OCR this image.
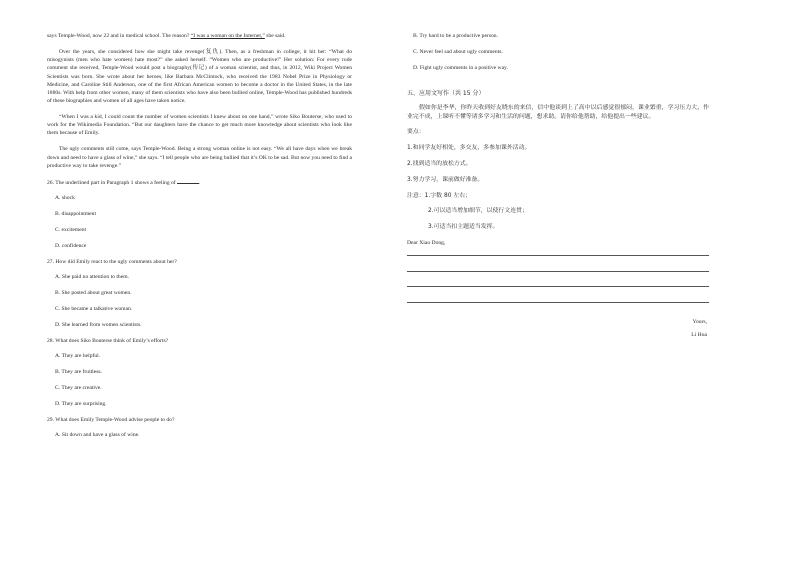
says Temple-Wood, now 22 and in medical school. The reason? “I was a woman on the Internet,” she said.

Over the years, she considered how she might take revenge(复仇). Then, as a freshman in college, it hit her: “What do misogynists (men who hate women) hate most?” she asked herself. “Women who are productive!” Her solution: For every rude comment she received, Temple-Wood would post a biography(传记) of a woman scientist, and thus, in 2012, Wiki Project Women Scientists was born. She wrote about her heroes, like Barbara McClintock, who received the 1983 Nobel Prize in Physiology or Medicine, and Caroline Still Anderson, one of the first African American women to become a doctor in the United States, in the late 1880s. With help from other women, many of them scientists who have also been bullied online, Temple-Wood has published hundreds of these biographies and women of all ages have taken notice.

“When I was a kid, I could count the number of women scientists I knew about on one hand,” wrote Siko Bouterse, who used to work for the Wikimedia Foundation. “But our daughters have the chance to get much more knowledge about scientists who look like them because of Emily.

The ugly comments still come, says Temple-Wood. Being a strong woman online is not easy. “We all have days when we break down and need to have a glass of wine,” she says. “I tell people who are being bullied that it’s OK to be sad. But now you need to find a productive way to take revenge.”

26. The underlined part in Paragraph 1 shows a feeling of	.
A. shock
B. disappointment
C. excitement
D. confidence
27. How did Emily react to the ugly comments about her?
A. She paid no attention to them.
B. She posted about great women.
C. She became a talkative woman.
D. She learned from women scientists.
28. What does Siko Bouterse think of Emily’s efforts?
A. They are helpful.
B. They are fruitless.
C. They are creative.
D. They are surprising.
29. What does Emily Temple-Wood advise people to do?
A. Sit down and have a glass of wine.
B. Try hard to be a productive person.
C. Never feel sad about ugly comments.
D. Fight ugly comments in a positive way.
五、应用文写作（共 15 分）

假如你是李华，你昨天收到好友晓东的来信，信中他谈到上了高中以后感觉很郁闷，课业繁重，学习压力大，作业完不成，上课听不懂等诸多学习和生活的问题，想求助。请你给他帮助，给他提出一些建议。

要点：
1.和同学友好相处，多交友，多参加课外活动。
2.找到适当的放松方式。
3.努力学习，课前做好准备。
注意：1.字数 80 左右；
2.可以适当增加细节，以使行文连贯；
3.可适当扣主题适当发挥。
Dear Xiao Dong,
Yours,
Li Hua
